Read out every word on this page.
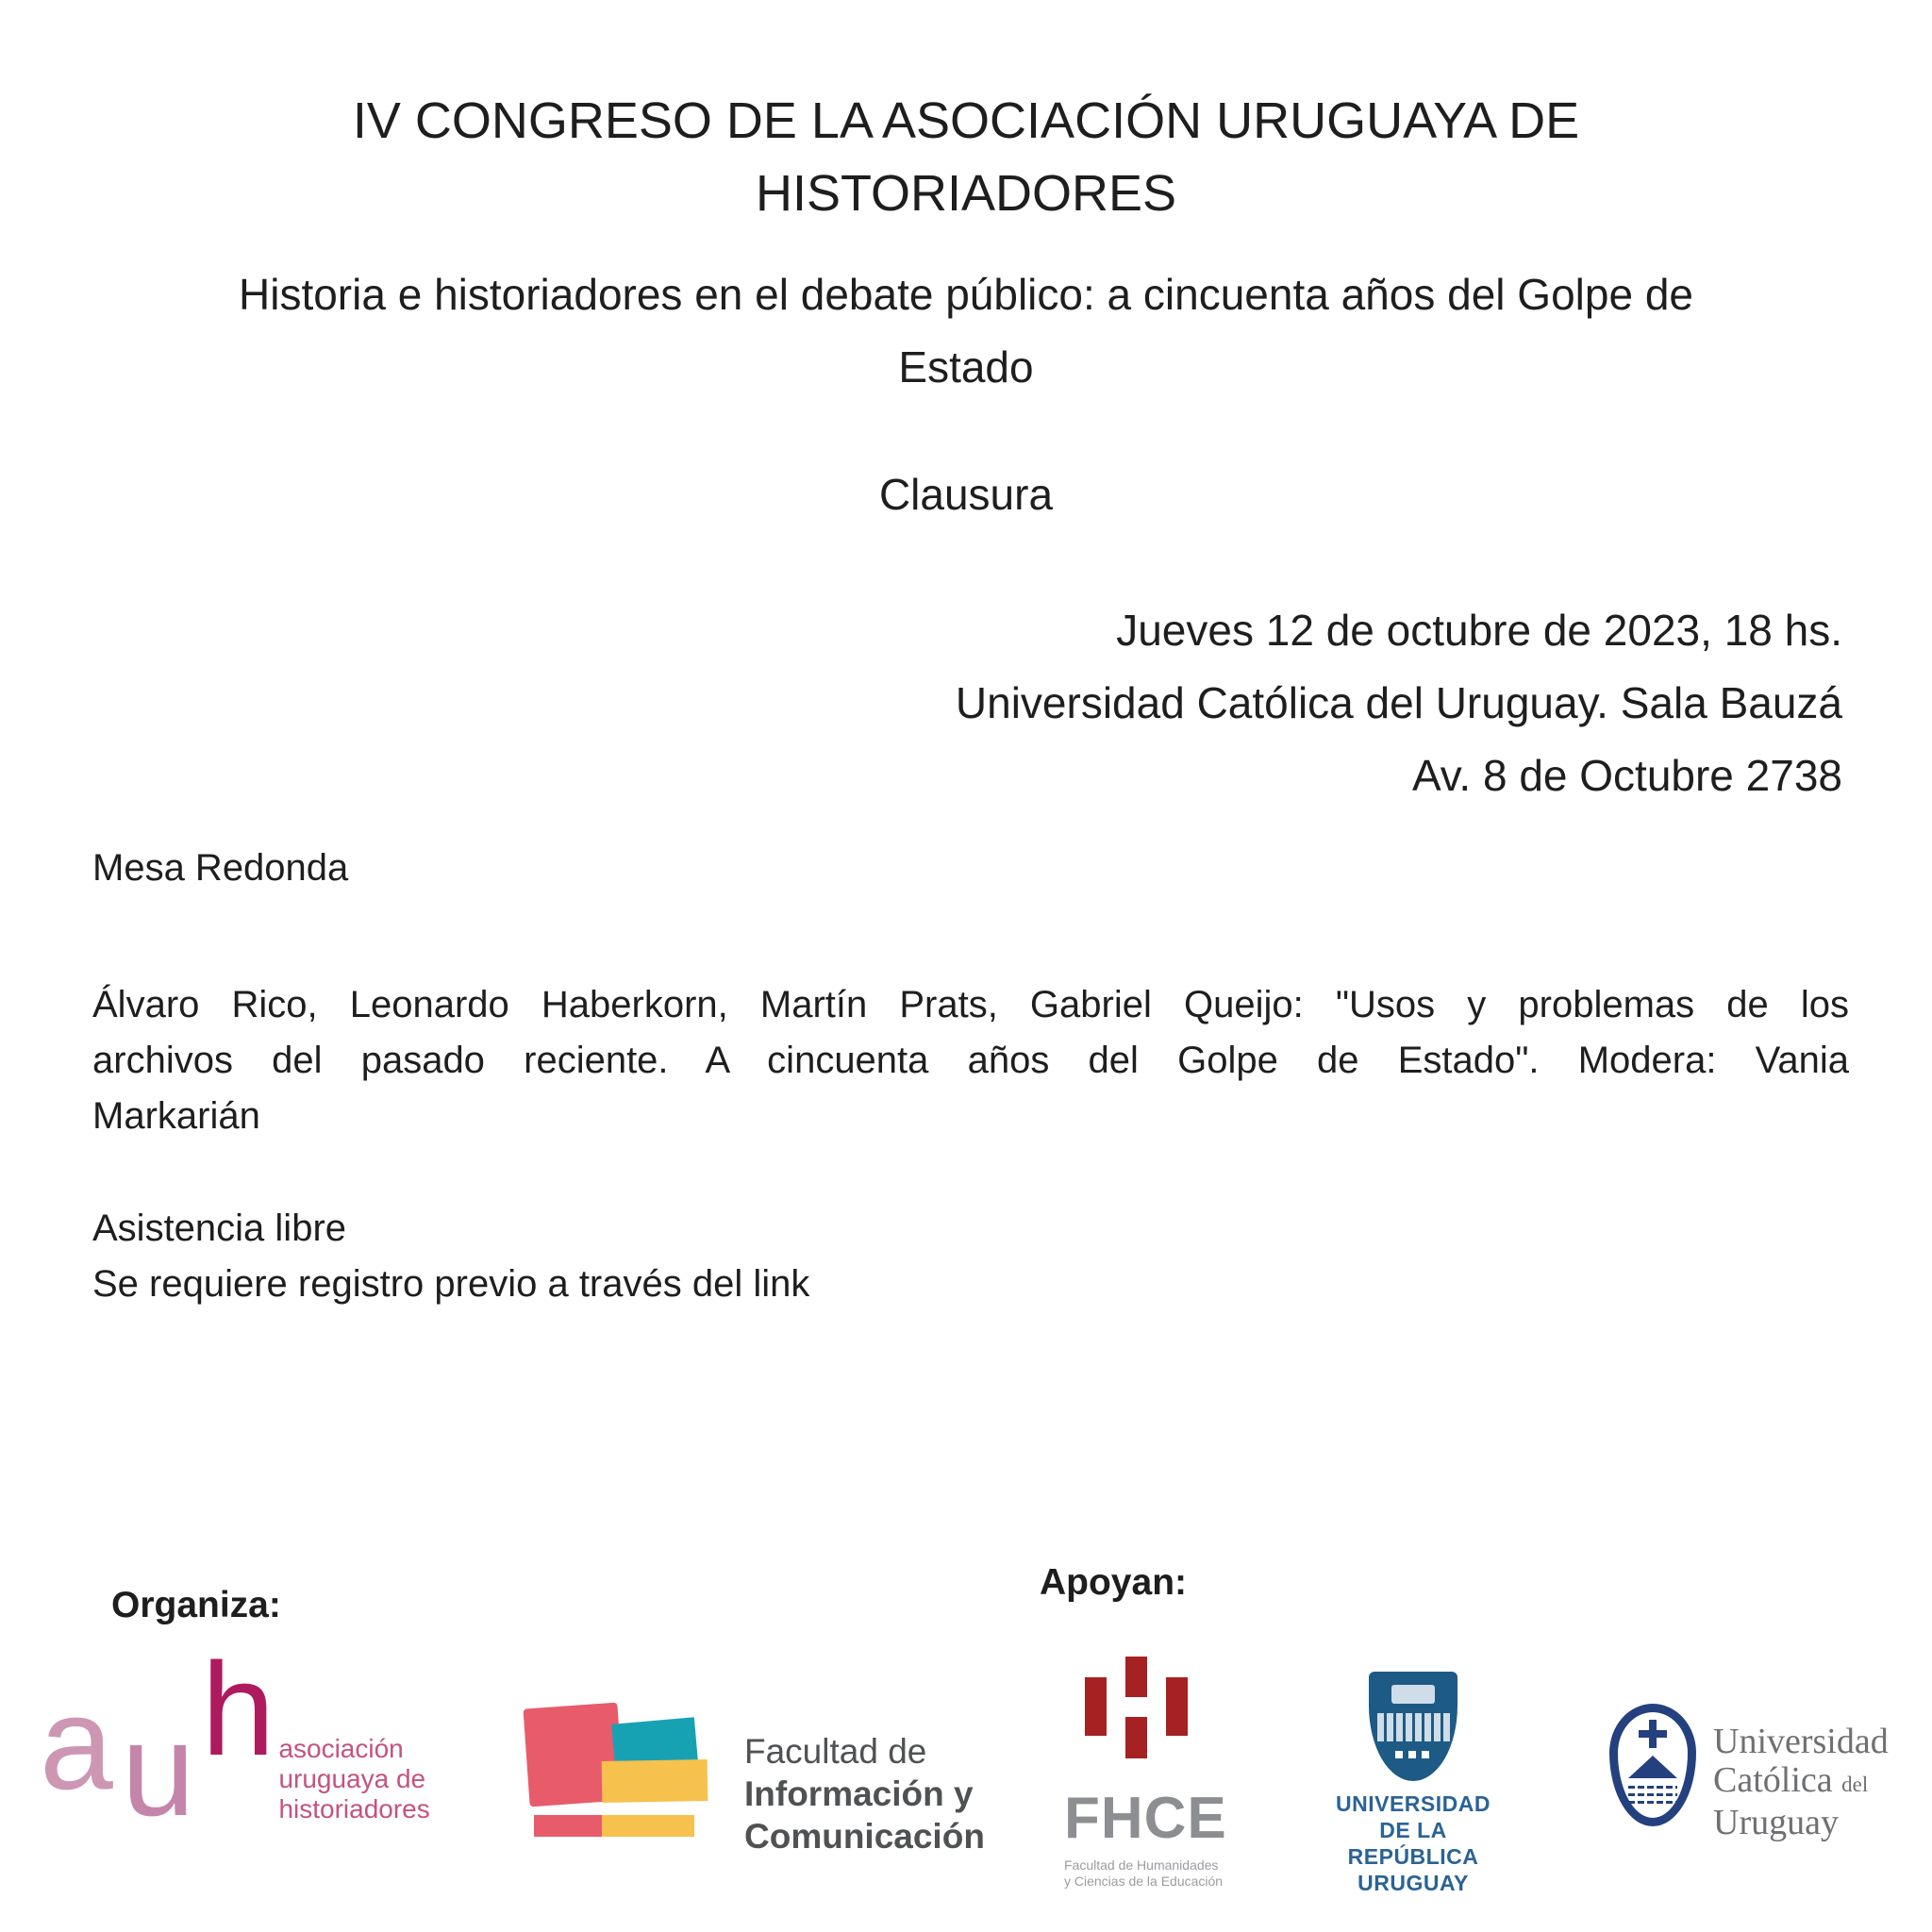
IV CONGRESO DE LA ASOCIACIÓN URUGUAYA DE
HISTORIADORES
Historia e historiadores en el debate público: a cincuenta años del Golpe de
Estado
Clausura
Jueves 12 de octubre de 2023, 18 hs.
Universidad Católica del Uruguay. Sala Bauzá
Av. 8 de Octubre 2738
Mesa Redonda
Álvaro Rico, Leonardo Haberkorn, Martín Prats, Gabriel Queijo: "Usos y problemas de los
archivos del pasado reciente. A cincuenta años del Golpe de Estado". Modera: Vania
Markarián
Asistencia libre
Se requiere registro previo a través del link
Organiza:
Apoyan:
a u h asociación
uruguaya de
historiadores
Facultad de
Información y
Comunicación FHCE
Facultad de Humanidades
y Ciencias de la Educación
UNIVERSIDAD
DE LA REPÚBLICA
URUGUAY
Universidad
Católica del
Uruguay
